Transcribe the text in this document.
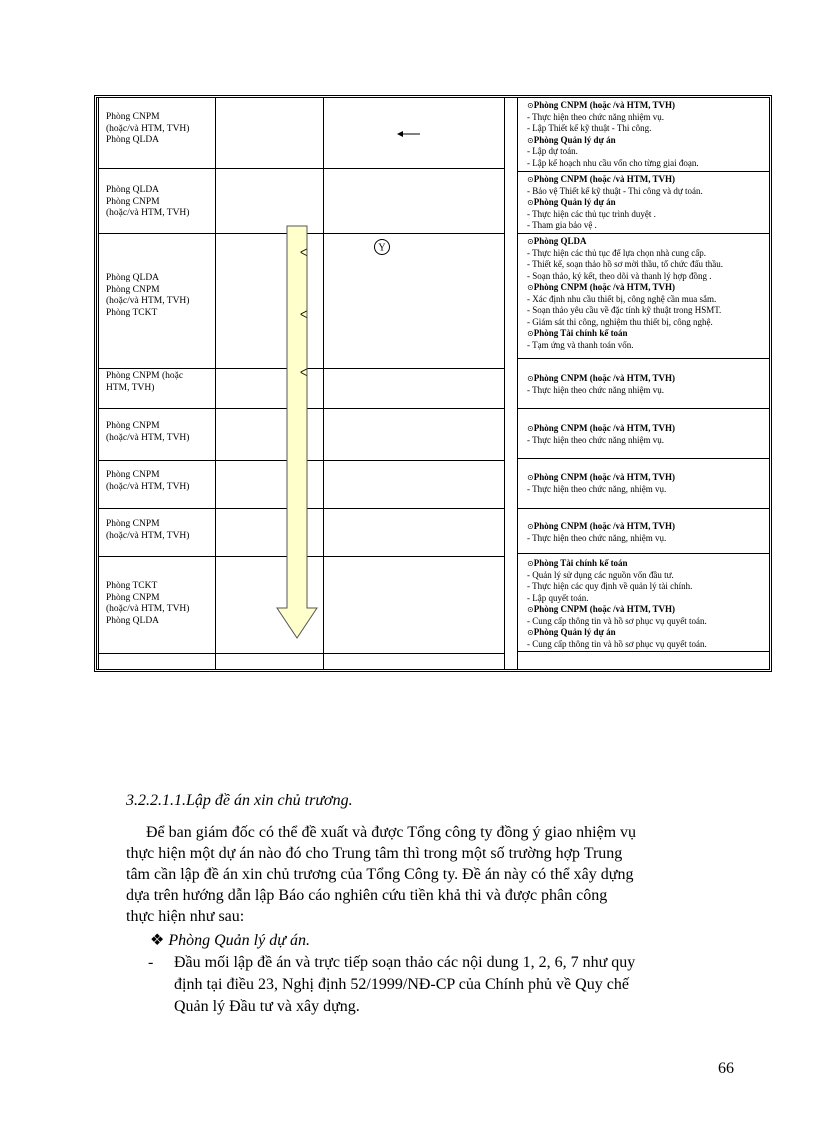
Phòng CNPM
(hoặc/và HTM, TVH)
Phòng QLDA
Phòng QLDA
Phòng CNPM
(hoặc/và HTM, TVH)
Phòng QLDA
Phòng CNPM
(hoặc/và HTM, TVH)
Phòng TCKT
Phòng CNPM (hoặc
HTM, TVH)
Phòng CNPM
(hoặc/và HTM, TVH)
Phòng CNPM
(hoặc/và HTM, TVH)
Phòng CNPM
(hoặc/và HTM, TVH)
Phòng TCKT
Phòng CNPM
(hoặc/và HTM, TVH)
Phòng QLDA
⊙ Phòng CNPM (hoặc /và HTM, TVH)
- Thực hiện theo chức năng nhiệm vụ.
- Lập Thiết kế kỹ thuật - Thi công.
⊙ Phòng Quản lý dự án
- Lập dự toán.
- Lập kế hoạch nhu cầu vốn cho từng giai đoạn.
⊙ Phòng CNPM (hoặc /và HTM, TVH)
- Bảo vệ Thiết kế kỹ thuật - Thi công và dự toán.
⊙ Phòng Quản lý dự án
- Thực hiện các thủ tục trình duyệt .
- Tham gia bảo vệ .
⊙ Phòng QLDA
- Thực hiện các thủ tục để lựa chọn nhà cung cấp.
- Thiết kế, soạn thảo hồ sơ mời thầu, tổ chức đấu thầu.
- Soạn thảo, ký kết, theo dõi và thanh lý hợp đồng .
⊙ Phòng CNPM (hoặc /và HTM, TVH)
- Xác định nhu cầu thiết bị, công nghệ cần mua sắm.
- Soạn thảo yêu cầu về đặc tính kỹ thuật trong HSMT.
- Giám sát thi công, nghiệm thu thiết bị, công nghệ.
⊙ Phòng Tài chính kế toán
- Tạm ứng và thanh toán vốn.
⊙ Phòng CNPM (hoặc /và HTM, TVH)
- Thực hiện theo chức năng nhiệm vụ.
⊙ Phòng CNPM (hoặc /và HTM, TVH)
- Thực hiện theo chức năng nhiệm vụ.
⊙ Phòng CNPM (hoặc /và HTM, TVH)
- Thực hiện theo chức năng, nhiệm vụ.
⊙ Phòng CNPM (hoặc /và HTM, TVH)
- Thực hiện theo chức năng, nhiệm vụ.
⊙ Phòng Tài chính kế toán
- Quản lý sử dụng các nguồn vốn đầu tư.
- Thực hiện các quy định về quản lý tài chính.
- Lập quyết toán.
⊙ Phòng CNPM (hoặc /và HTM, TVH)
- Cung cấp thông tin và hồ sơ phục vụ quyết toán.
⊙ Phòng Quản lý dự án
- Cung cấp thông tin và hồ sơ phục vụ quyết toán.
Y
ᐸ
ᐸ
ᐸ
3.2.2.1.1.Lập đề án xin chủ trương.
Để ban giám đốc có thể đề xuất và được Tổng công ty đồng ý giao nhiệm vụ
thực hiện một dự án nào đó cho Trung tâm thì trong một số trường hợp Trung
tâm cần lập đề án xin chủ trương của Tổng Công ty. Đề án này có thể xây dựng
dựa trên hướng dẫn lập Báo cáo nghiên cứu tiền khả thi và được phân công
thực hiện như sau:
❖ Phòng Quản lý dự án.
- Đầu mối lập đề án và trực tiếp soạn thảo các nội dung 1, 2, 6, 7 như quy
định tại điều 23, Nghị định 52/1999/NĐ-CP của Chính phủ về Quy chế
Quản lý Đầu tư và xây dựng.
66
